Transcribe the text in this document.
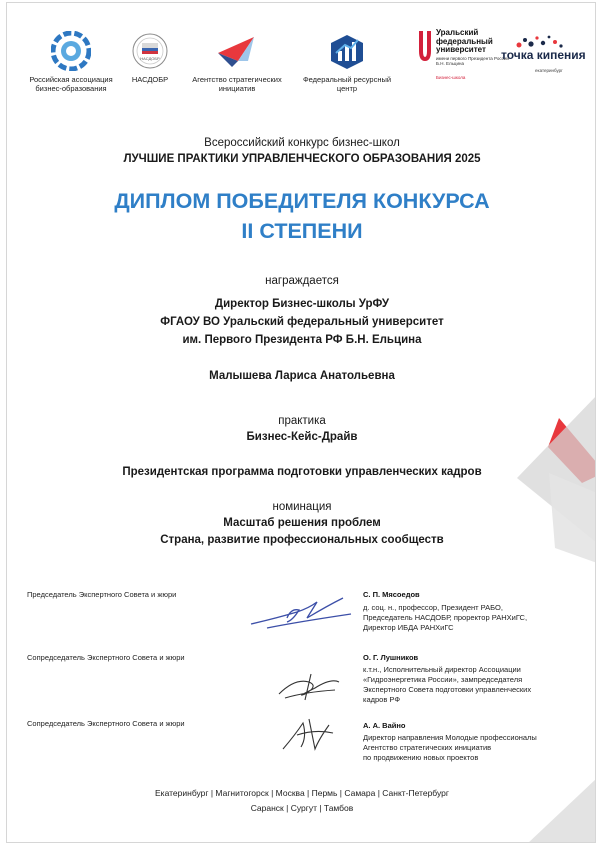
Российская ассоциация бизнес-образования
НАСДОБР
НАСДОБР	Агентство стратегических инициатив
Федеральный ресурсный центр
Уральский федеральный университет
имени первого Президента России Б.Н. Ельцина
Бизнес-школа
точка кипения
екатеринбург
Всероссийский конкурс бизнес-школ
ЛУЧШИЕ ПРАКТИКИ УПРАВЛЕНЧЕСКОГО ОБРАЗОВАНИЯ 2025
ДИПЛОМ ПОБЕДИТЕЛЯ КОНКУРСА
II СТЕПЕНИ
награждается
Директор Бизнес-школы УрФУ
ФГАОУ ВО Уральский федеральный университет
им. Первого Президента РФ Б.Н. Ельцина
Малышева Лариса Анатольевна
практика
Бизнес-Кейс-Драйв
Президентская программа подготовки управленческих кадров
номинация
Масштаб решения проблем
Страна, развитие профессиональных сообществ
Председатель Экспертного Совета и жюри	С. П. Мясоедов
д. соц. н., профессор, Президент РАБО,
Председатель НАСДОБР, проректор РАНХиГС,
Директор ИБДА РАНХиГС
Сопредседатель Экспертного Совета и жюри	О. Г. Лушников
к.т.н., Исполнительный директор Ассоциации
«Гидроэнергетика России», зампредседателя
Экспертного Совета подготовки управленческих
кадров РФ
Сопредседатель Экспертного Совета и жюри	А. А. Вайно
Директор направления Молодые профессионалы
Агентство стратегических инициатив
по продвижению новых проектов
Екатеринбург | Магнитогорск | Москва | Пермь | Самара | Санкт-Петербург
Саранск | Сургут | Тамбов
